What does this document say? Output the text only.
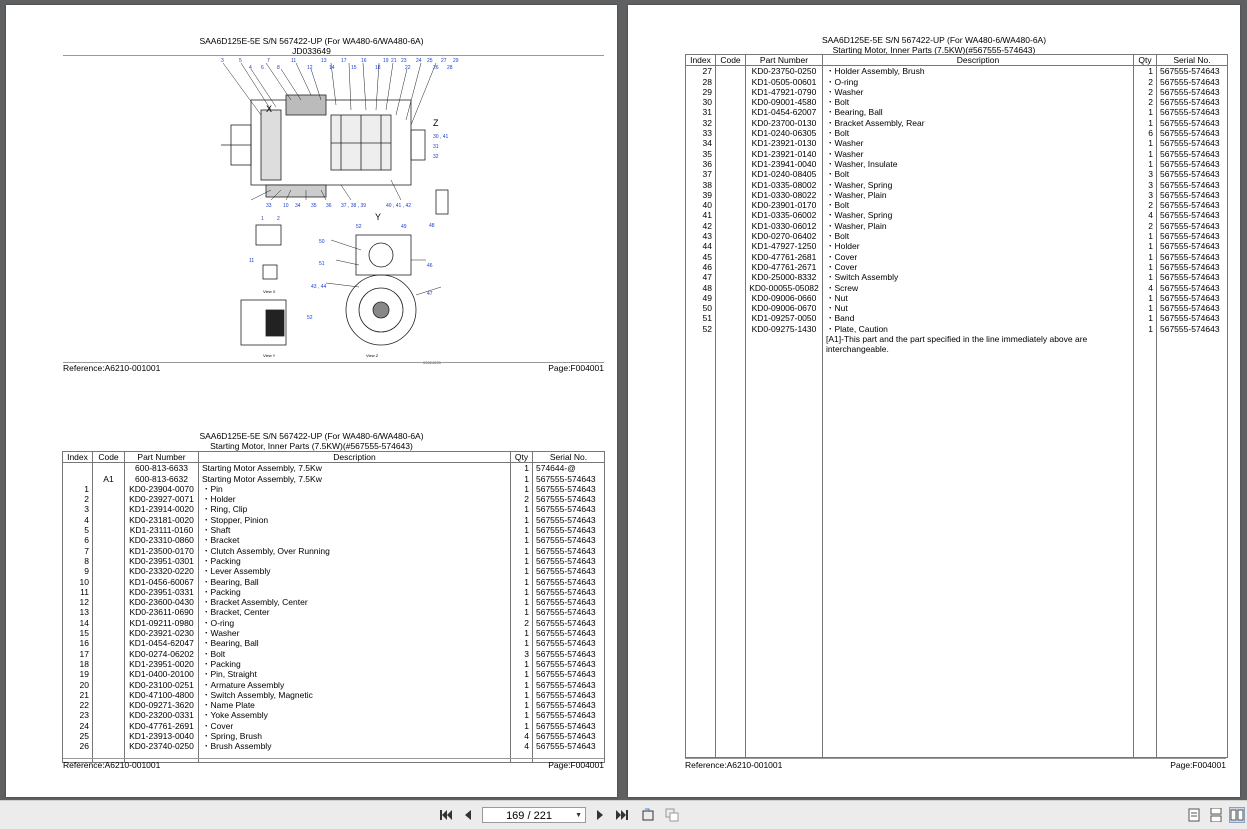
SAA6D125E-5E S/N 567422-UP (For WA480-6/WA480-6A)
JD033649
3	5
4 6
7
8
11
12
13
14
17
15
16
18
19 21 23
22
24 25
26
27
28
29
30 , 41
31
32
33 10 34 35 36 37 , 38 , 39	40 , 41 , 42
48
1	2
11
52	49
50
51	46
43 , 44
47
52
00024535
X
Z
Y
View X
View Y	View Z
Reference:A6210-001001	Page:F004001
SAA6D125E-5E S/N 567422-UP (For WA480-6/WA480-6A)
Starting Motor, Inner Parts (7.5KW)(#567555-574643)
Index	Code	Part Number	Description	Qty	Serial No.
		600-813-6633	Starting Motor Assembly, 7.5Kw	1	574644-@
	A1	600-813-6632	Starting Motor Assembly, 7.5Kw	1	567555-574643
1		KD0-23904-0070	・Pin	1	567555-574643
2		KD0-23927-0071	・Holder	2	567555-574643
3		KD1-23914-0020	・Ring, Clip	1	567555-574643
4		KD0-23181-0020	・Stopper, Pinion	1	567555-574643
5		KD1-23111-0160	・Shaft	1	567555-574643
6		KD0-23310-0860	・Bracket	1	567555-574643
7		KD1-23500-0170	・Clutch Assembly, Over Running	1	567555-574643
8		KD0-23951-0301	・Packing	1	567555-574643
9		KD0-23320-0220	・Lever Assembly	1	567555-574643
10		KD1-0456-60067	・Bearing, Ball	1	567555-574643
11		KD0-23951-0331	・Packing	1	567555-574643
12		KD0-23600-0430	・Bracket Assembly, Center	1	567555-574643
13		KD0-23611-0690	・Bracket, Center	1	567555-574643
14		KD1-09211-0980	・O-ring	2	567555-574643
15		KD0-23921-0230	・Washer	1	567555-574643
16		KD1-0454-62047	・Bearing, Ball	1	567555-574643
17		KD0-0274-06202	・Bolt	3	567555-574643
18		KD1-23951-0020	・Packing	1	567555-574643
19		KD1-0400-20100	・Pin, Straight	1	567555-574643
20		KD0-23100-0251	・Armature Assembly	1	567555-574643
21		KD0-47100-4800	・Switch Assembly, Magnetic	1	567555-574643
22		KD0-09271-3620	・Name Plate	1	567555-574643
23		KD0-23200-0331	・Yoke Assembly	1	567555-574643
24		KD0-47761-2691	・Cover	1	567555-574643
25		KD1-23913-0040	・Spring, Brush	4	567555-574643
26		KD0-23740-0250	・Brush Assembly	4	567555-574643

Reference:A6210-001001	Page:F004001
SAA6D125E-5E S/N 567422-UP (For WA480-6/WA480-6A)
Starting Motor, Inner Parts (7.5KW)(#567555-574643)
Index	Code	Part Number	Description	Qty	Serial No.
27		KD0-23750-0250	・Holder Assembly, Brush	1	567555-574643
28		KD1-0505-00601	・O-ring	2	567555-574643
29		KD1-47921-0790	・Washer	2	567555-574643
30		KD0-09001-4580	・Bolt	2	567555-574643
31		KD1-0454-62007	・Bearing, Ball	1	567555-574643
32		KD0-23700-0130	・Bracket Assembly, Rear	1	567555-574643
33		KD1-0240-06305	・Bolt	6	567555-574643
34		KD1-23921-0130	・Washer	1	567555-574643
35		KD1-23921-0140	・Washer	1	567555-574643
36		KD1-23941-0040	・Washer, Insulate	1	567555-574643
37		KD1-0240-08405	・Bolt	3	567555-574643
38		KD1-0335-08002	・Washer, Spring	3	567555-574643
39		KD1-0330-08022	・Washer, Plain	3	567555-574643
40		KD0-23901-0170	・Bolt	2	567555-574643
41		KD1-0335-06002	・Washer, Spring	4	567555-574643
42		KD1-0330-06012	・Washer, Plain	2	567555-574643
43		KD0-0270-06402	・Bolt	1	567555-574643
44		KD1-47927-1250	・Holder	1	567555-574643
45		KD0-47761-2681	・Cover	1	567555-574643
46		KD0-47761-2671	・Cover	1	567555-574643
47		KD0-25000-8332	・Switch Assembly	1	567555-574643
48		KD0-00055-05082	・Screw	4	567555-574643
49		KD0-09006-0660	・Nut	1	567555-574643
50		KD0-09006-0670	・Nut	1	567555-574643
51		KD1-09257-0050	・Band	1	567555-574643
52		KD0-09275-1430	・Plate, Caution	1	567555-574643
			[A1]-This part and the part specified in the line immediately above are interchangeable.		

Reference:A6210-001001	Page:F004001
169 / 221	▼
